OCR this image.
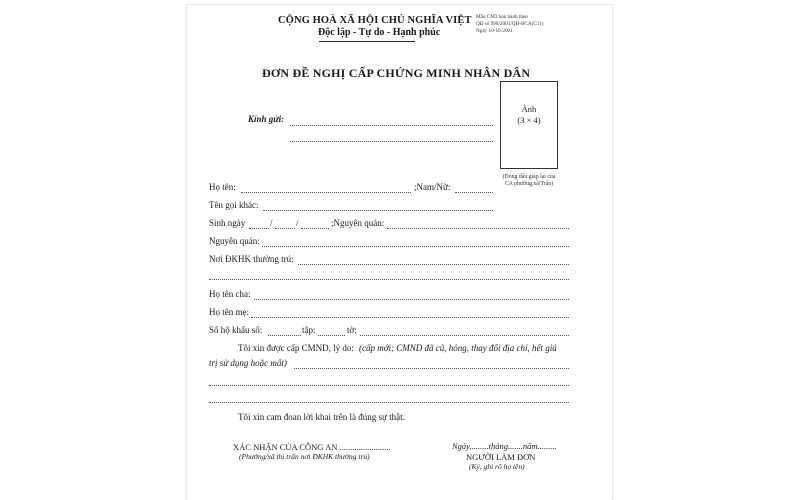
CỘNG HOÀ XÃ HỘI CHỦ NGHĨA VIỆT
Độc lập - Tự do - Hạnh phúc
Mẫu CM3 ban hành theo
QĐ số 998/2001/QĐ-BCA(C11)
Ngày 10-10-2001
ĐƠN ĐỀ NGHỊ CẤP CHỨNG MINH NHÂN DÂN
Ảnh
(3 × 4)
(Đóng dấu giáp lai của
CA phường,xã/Trấn)
Kính gửi:
Họ tên:	;Nam/Nữ:
Tên gọi khác:
Sinh ngày	/	/	;Nguyên quán:
Nguyên quán:
Nơi ĐKHK thường trú:
Họ tên cha:
Họ tên mẹ:
Số hộ khẩu số:	tập:	tờ:
Tôi xin được cấp CMND, lý do: (cấp mới; CMND đã cũ, hỏng, thay đổi địa chỉ, hết giá
trị sử dụng hoặc mất)
Tôi xin cam đoan lời khai trên là đúng sự thật.
XÁC NHẬN CỦA CÔNG AN ........................
(Phường/xã thị trấn nơi ĐKHK thường trú)
Ngày.........tháng.......năm.........
NGƯỜI LÀM ĐƠN
(Ký, ghi rõ họ tên)
